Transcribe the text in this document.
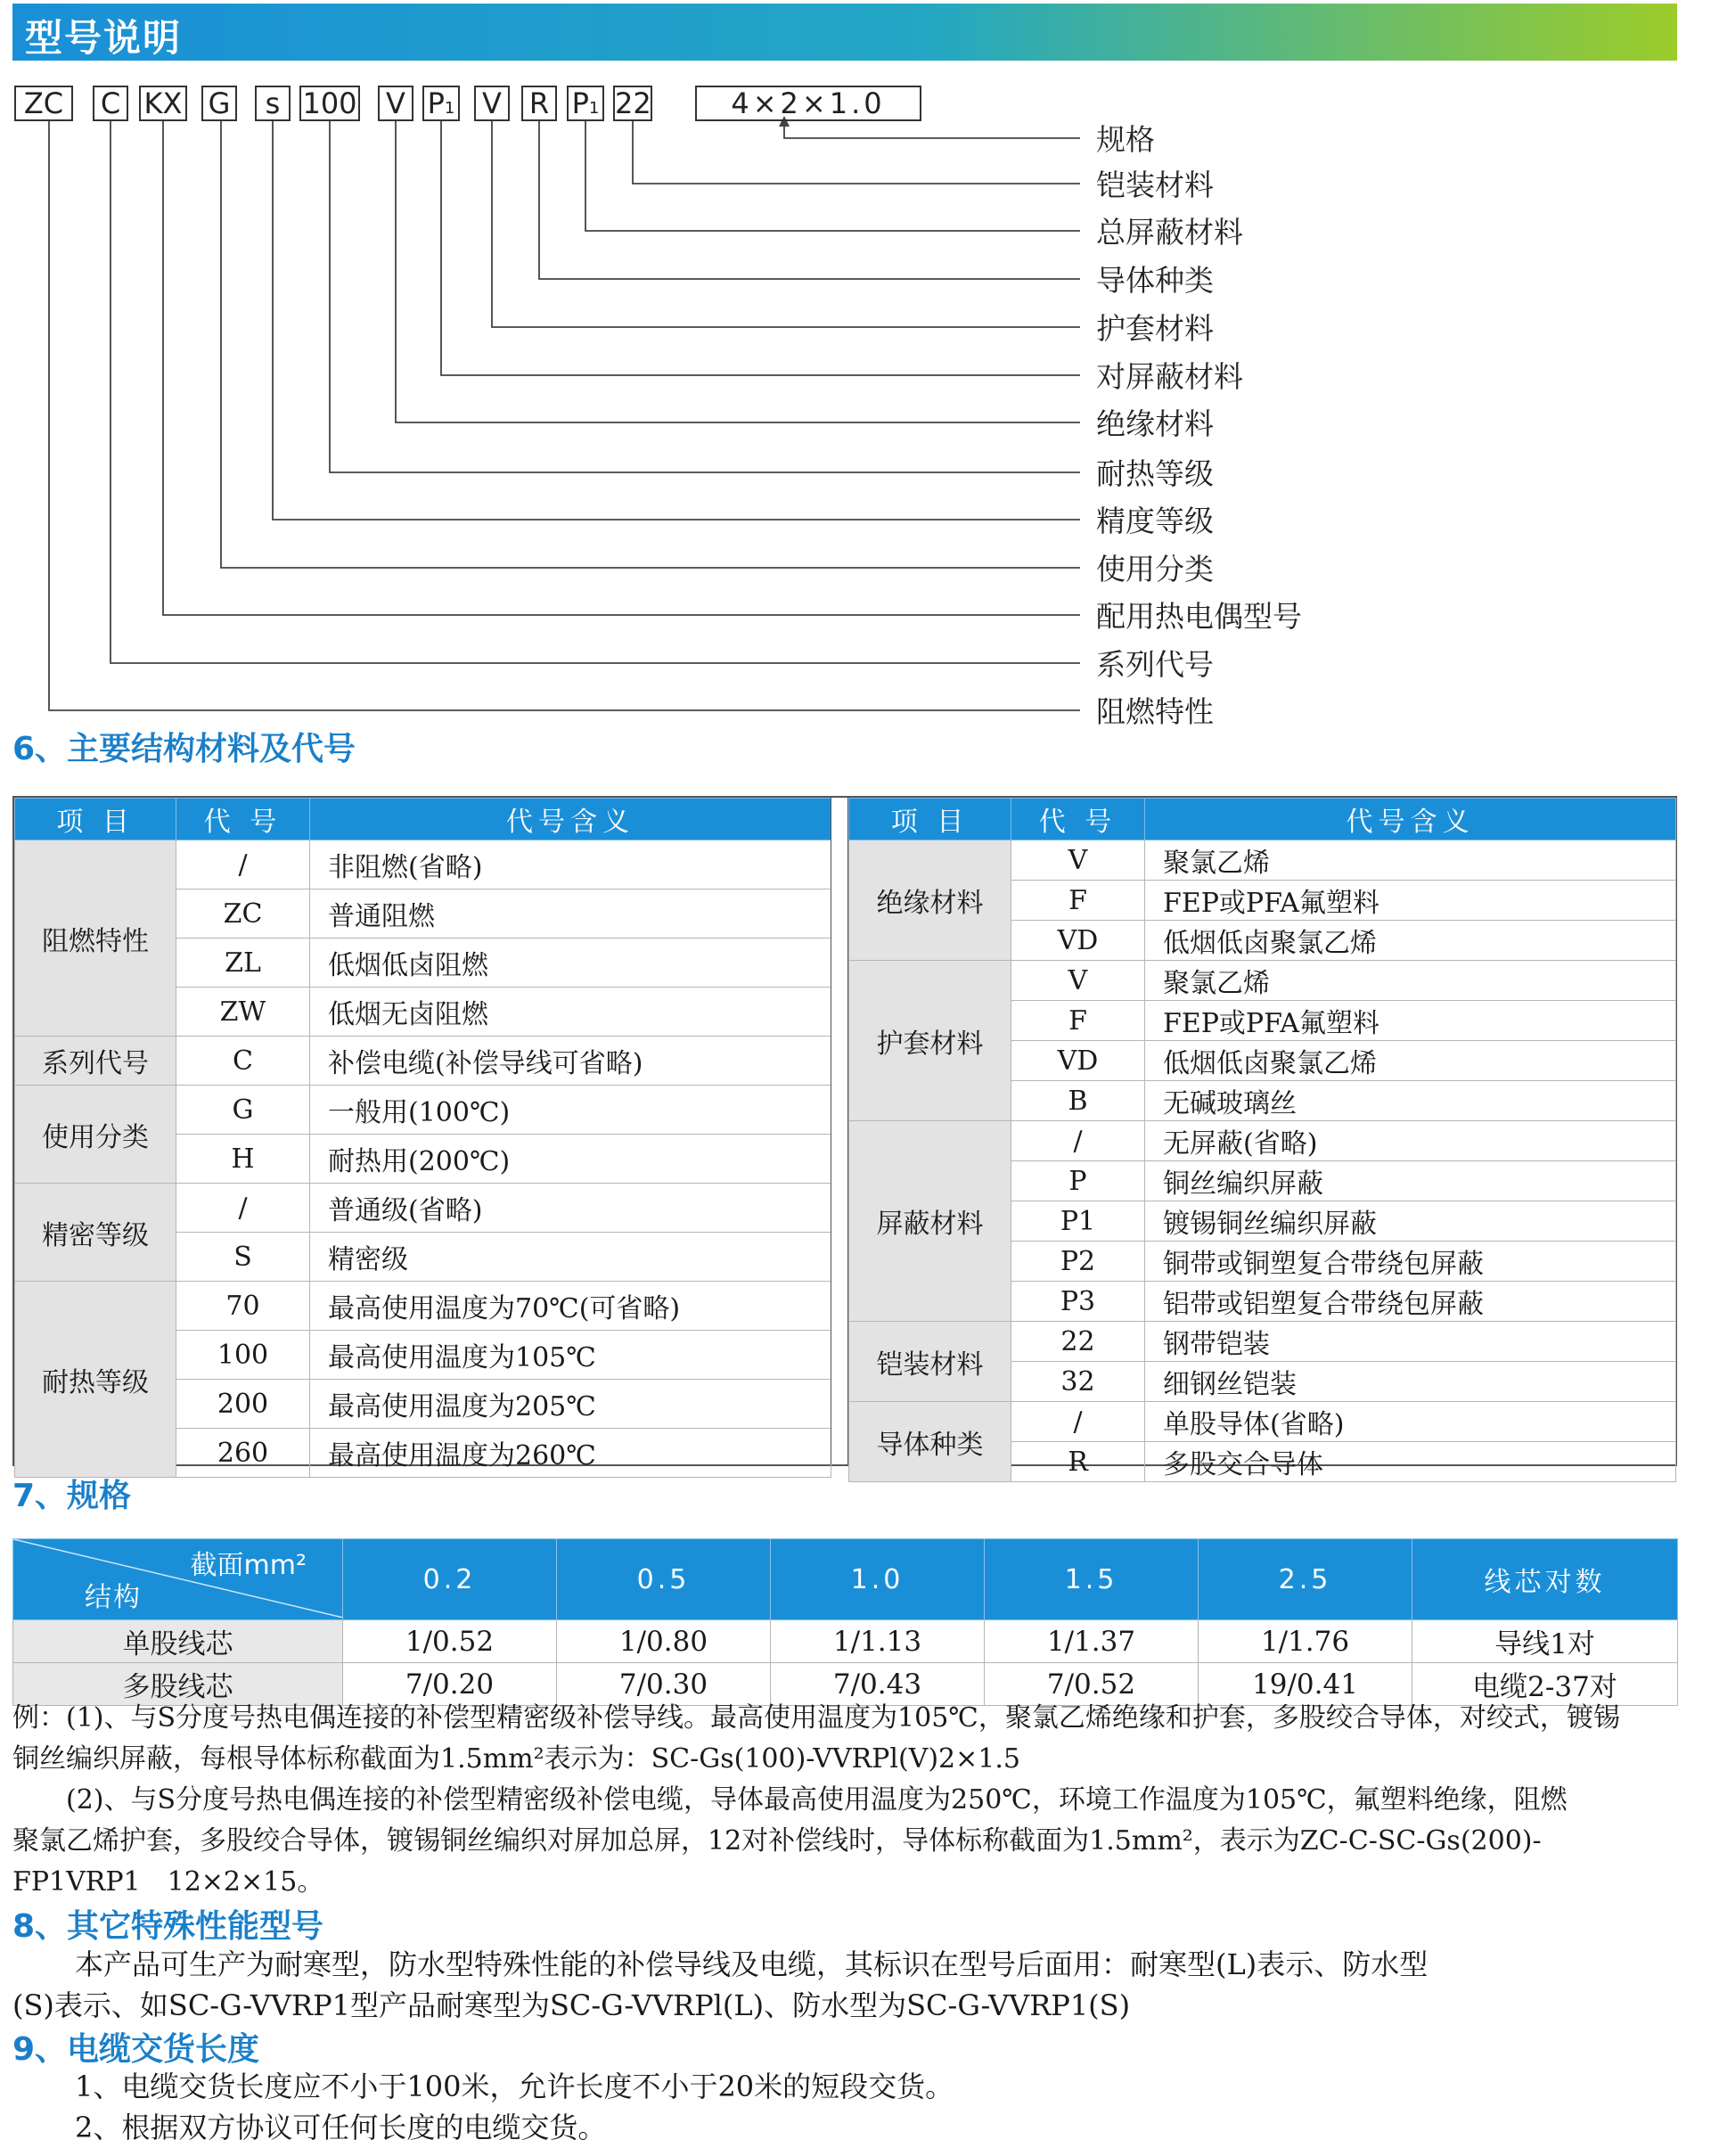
型号说明
ZC	C KX G	s 100 V P1 V R P1 22	4×2×1.0
规格
铠装材料
总屏蔽材料
导体种类
护套材料
对屏蔽材料
绝缘材料
耐热等级
精度等级
使用分类
配用热电偶型号
系列代号
阻燃特性
6、主要结构材料及代号
项 目	代 号	代号含义
阻燃特性	/	非阻燃(省略)
	ZC	普通阻燃
	ZL	低烟低卤阻燃
	ZW	低烟无卤阻燃
系列代号	C	补偿电缆(补偿导线可省略)
使用分类	G	一般用(100℃)
	H	耐热用(200℃)
精密等级	/	普通级(省略)
	S	精密级
耐热等级	70	最高使用温度为70℃(可省略)
	100	最高使用温度为105℃
	200	最高使用温度为205℃
	260	最高使用温度为260℃
项 目	代 号	代号含义
绝缘材料	V	聚氯乙烯
	F	FEP或PFA氟塑料
	VD	低烟低卤聚氯乙烯
护套材料	V	聚氯乙烯
	F	FEP或PFA氟塑料
	VD	低烟低卤聚氯乙烯
	B	无碱玻璃丝
屏蔽材料	/	无屏蔽(省略)
	P	铜丝编织屏蔽
	P1	镀锡铜丝编织屏蔽
	P2	铜带或铜塑复合带绕包屏蔽
	P3	铝带或铝塑复合带绕包屏蔽
铠装材料	22	钢带铠装
	32	细钢丝铠装
导体种类	/	单股导体(省略)
	R	多股交合导体
7、规格
截面mm²
结构	0.2	0.5	1.0	1.5	2.5	线芯对数
单股线芯	1/0.52	1/0.80	1/1.13	1/1.37	1/1.76	导线1对
多股线芯	7/0.20	7/0.30	7/0.43	7/0.52	19/0.41	电缆2-37对
例：(1)、与S分度号热电偶连接的补偿型精密级补偿导线。最高使用温度为105℃，聚氯乙烯绝缘和护套，多股绞合导体，对绞式，镀锡
铜丝编织屏蔽，每根导体标称截面为1.5mm²表示为：SC-Gs(100)-VVRPl(V)2×1.5
(2)、与S分度号热电偶连接的补偿型精密级补偿电缆，导体最高使用温度为250℃，环境工作温度为105℃，氟塑料绝缘，阻燃
聚氯乙烯护套，多股绞合导体，镀锡铜丝编织对屏加总屏，12对补偿线时，导体标称截面为1.5mm²，表示为ZC-C-SC-Gs(200)-
FP1VRP1　12×2×15。
8、其它特殊性能型号
本产品可生产为耐寒型，防水型特殊性能的补偿导线及电缆，其标识在型号后面用：耐寒型(L)表示、防水型
(S)表示、如SC-G-VVRP1型产品耐寒型为SC-G-VVRPl(L)、防水型为SC-G-VVRP1(S)
9、电缆交货长度
1、电缆交货长度应不小于100米，允许长度不小于20米的短段交货。
2、根据双方协议可任何长度的电缆交货。
